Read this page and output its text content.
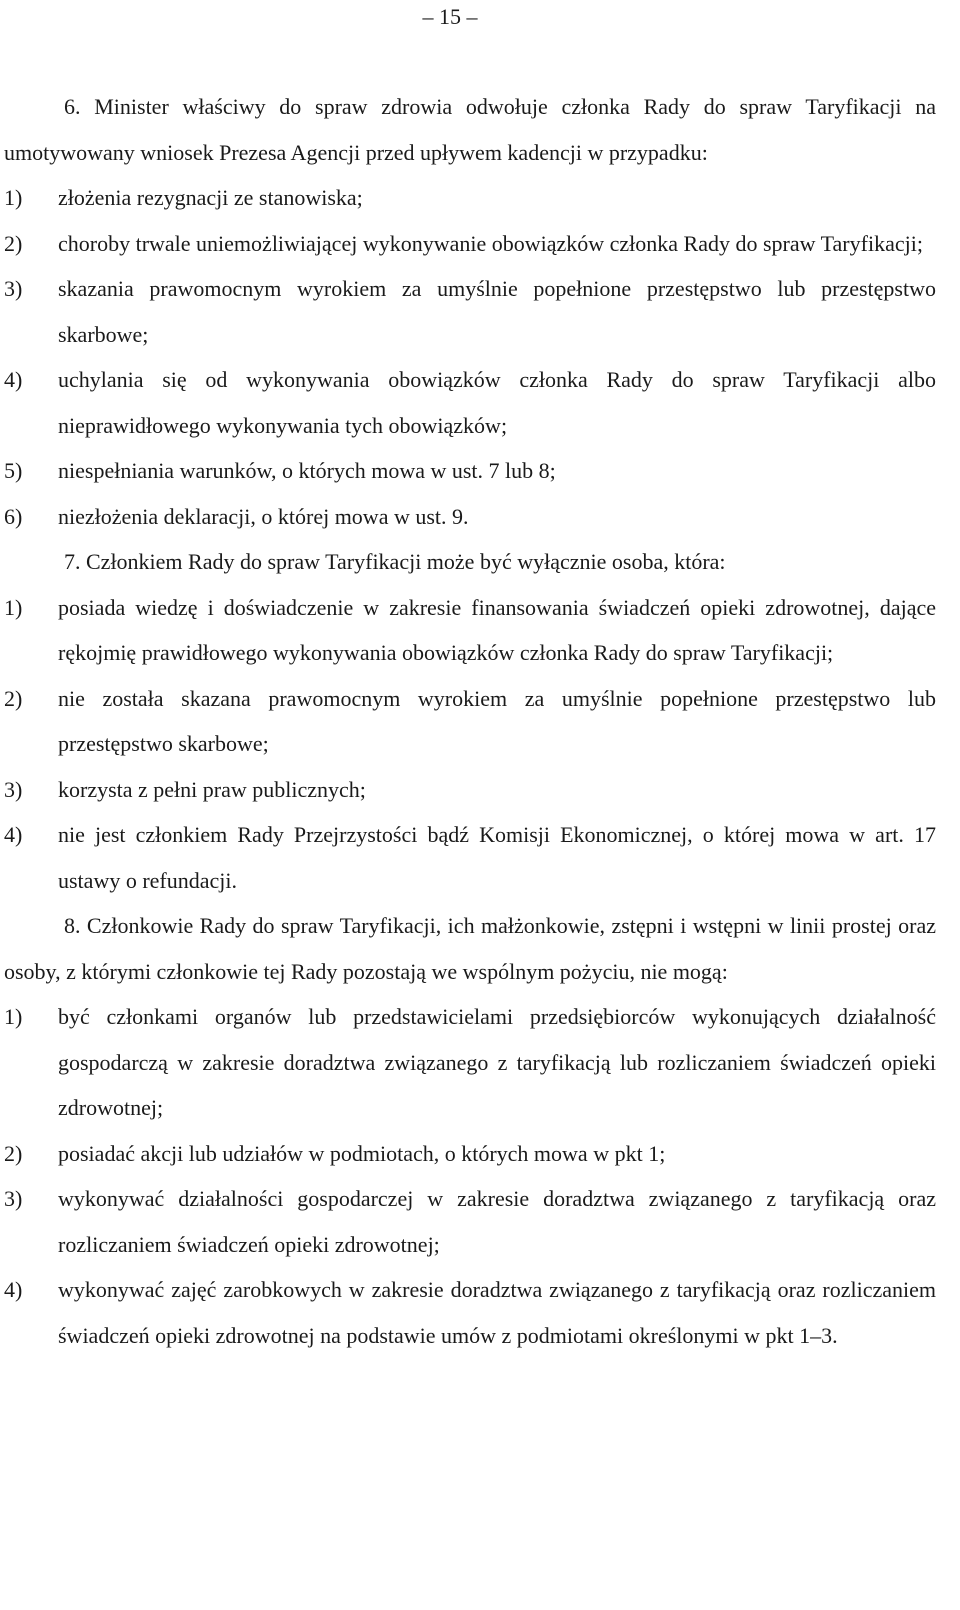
– 15 –

6. Minister właściwy do spraw zdrowia odwołuje członka Rady do spraw Taryfikacji na umotywowany wniosek Prezesa Agencji przed upływem kadencji w przypadku:

1) złożenia rezygnacji ze stanowiska;
2) choroby trwale uniemożliwiającej wykonywanie obowiązków członka Rady do spraw Taryfikacji;
3) skazania prawomocnym wyrokiem za umyślnie popełnione przestępstwo lub przestępstwo skarbowe;
4) uchylania się od wykonywania obowiązków członka Rady do spraw Taryfikacji albo nieprawidłowego wykonywania tych obowiązków;
5) niespełniania warunków, o których mowa w ust. 7 lub 8;
6) niezłożenia deklaracji, o której mowa w ust. 9.

7. Członkiem Rady do spraw Taryfikacji może być wyłącznie osoba, która:

1) posiada wiedzę i doświadczenie w zakresie finansowania świadczeń opieki zdrowotnej, dające rękojmię prawidłowego wykonywania obowiązków członka Rady do spraw Taryfikacji;
2) nie została skazana prawomocnym wyrokiem za umyślnie popełnione przestępstwo lub przestępstwo skarbowe;
3) korzysta z pełni praw publicznych;
4) nie jest członkiem Rady Przejrzystości bądź Komisji Ekonomicznej, o której mowa w art. 17 ustawy o refundacji.

8. Członkowie Rady do spraw Taryfikacji, ich małżonkowie, zstępni i wstępni w linii prostej oraz osoby, z którymi członkowie tej Rady pozostają we wspólnym pożyciu, nie mogą:

1) być członkami organów lub przedstawicielami przedsiębiorców wykonujących działalność gospodarczą w zakresie doradztwa związanego z taryfikacją lub rozliczaniem świadczeń opieki zdrowotnej;
2) posiadać akcji lub udziałów w podmiotach, o których mowa w pkt 1;
3) wykonywać działalności gospodarczej w zakresie doradztwa związanego z taryfikacją oraz rozliczaniem świadczeń opieki zdrowotnej;
4) wykonywać zajęć zarobkowych w zakresie doradztwa związanego z taryfikacją oraz rozliczaniem świadczeń opieki zdrowotnej na podstawie umów z podmiotami określonymi w pkt 1–3.
